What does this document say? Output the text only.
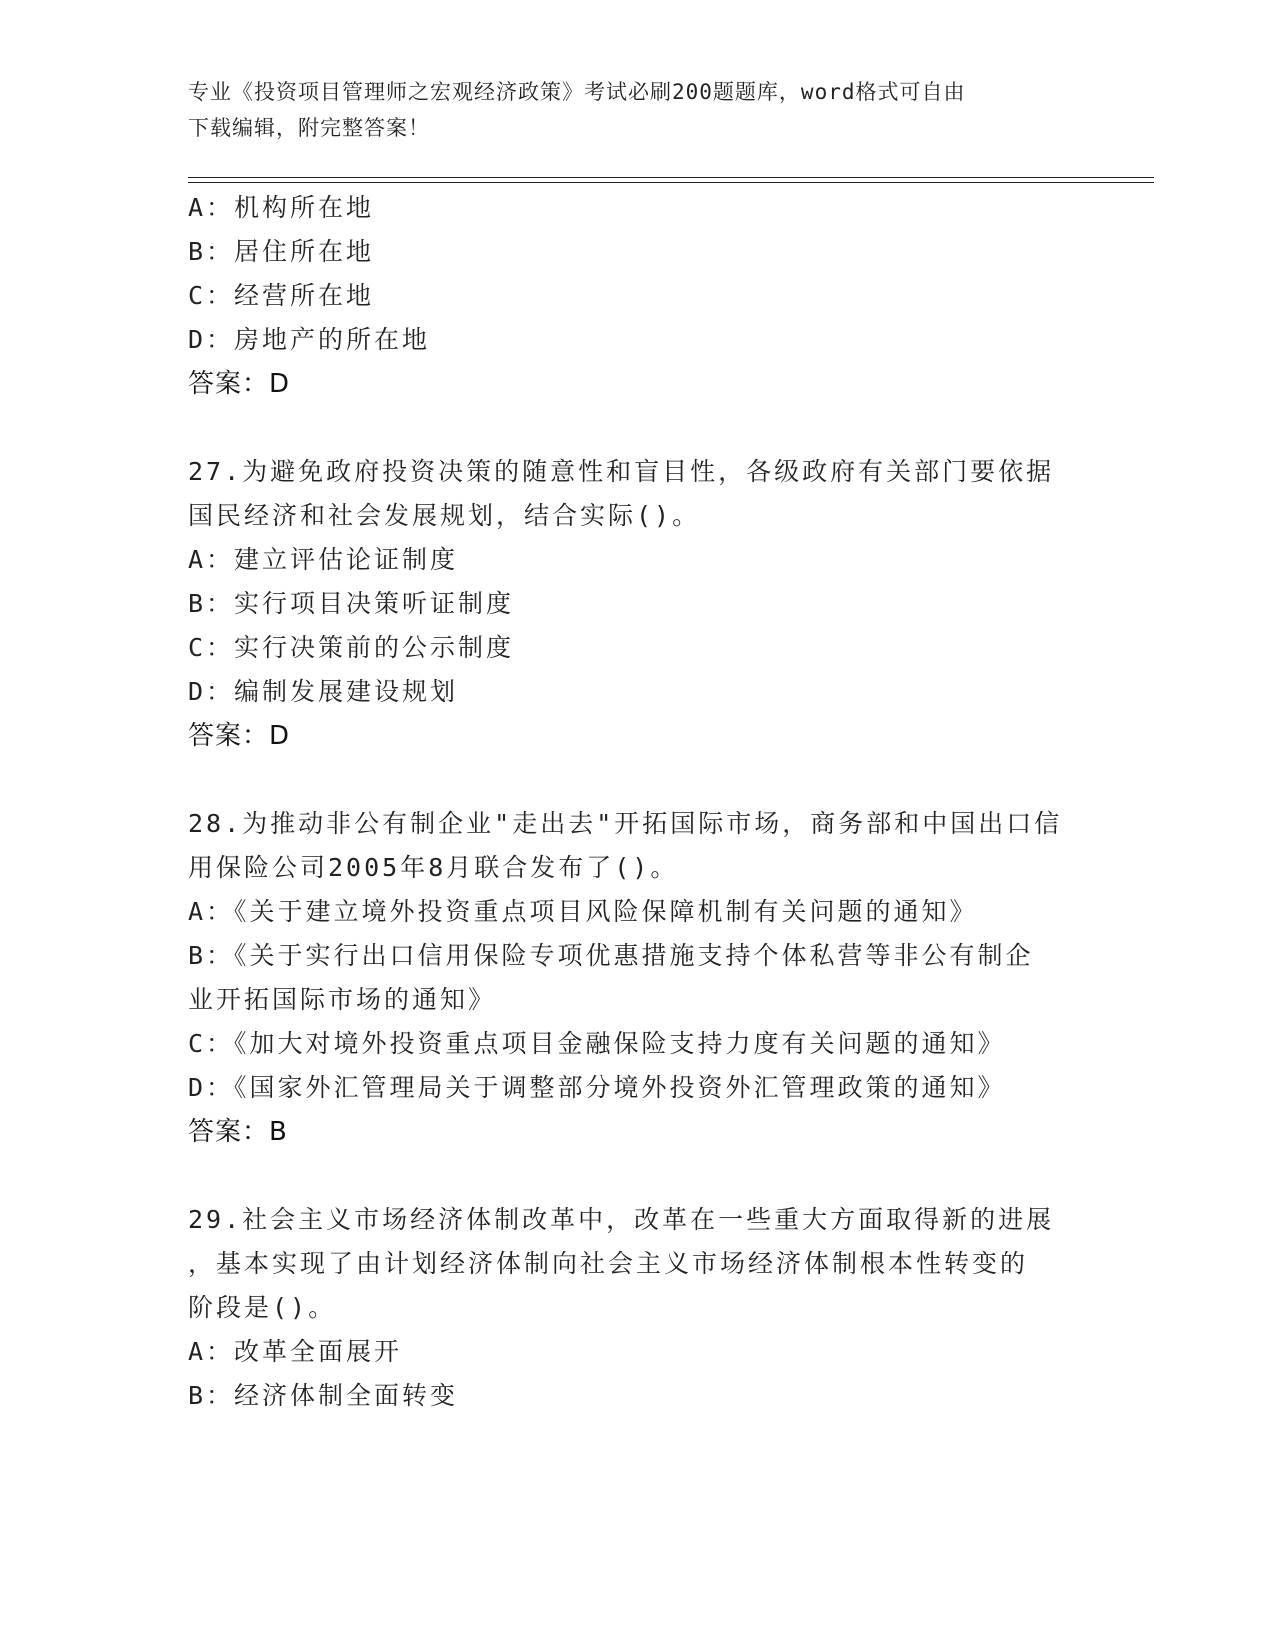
专业《投资项目管理师之宏观经济政策》考试必刷200题题库，word格式可自由
下载编辑，附完整答案！
A：机构所在地
B：居住所在地
C：经营所在地
D：房地产的所在地
答案：D
27.为避免政府投资决策的随意性和盲目性，各级政府有关部门要依据
国民经济和社会发展规划，结合实际()。
A：建立评估论证制度
B：实行项目决策听证制度
C：实行决策前的公示制度
D：编制发展建设规划
答案：D
28.为推动非公有制企业"走出去"开拓国际市场，商务部和中国出口信
用保险公司2005年8月联合发布了()。
A：《关于建立境外投资重点项目风险保障机制有关问题的通知》
B：《关于实行出口信用保险专项优惠措施支持个体私营等非公有制企
业开拓国际市场的通知》
C：《加大对境外投资重点项目金融保险支持力度有关问题的通知》
D：《国家外汇管理局关于调整部分境外投资外汇管理政策的通知》
答案：B
29.社会主义市场经济体制改革中，改革在一些重大方面取得新的进展
，基本实现了由计划经济体制向社会主义市场经济体制根本性转变的
阶段是()。
A：改革全面展开
B：经济体制全面转变
